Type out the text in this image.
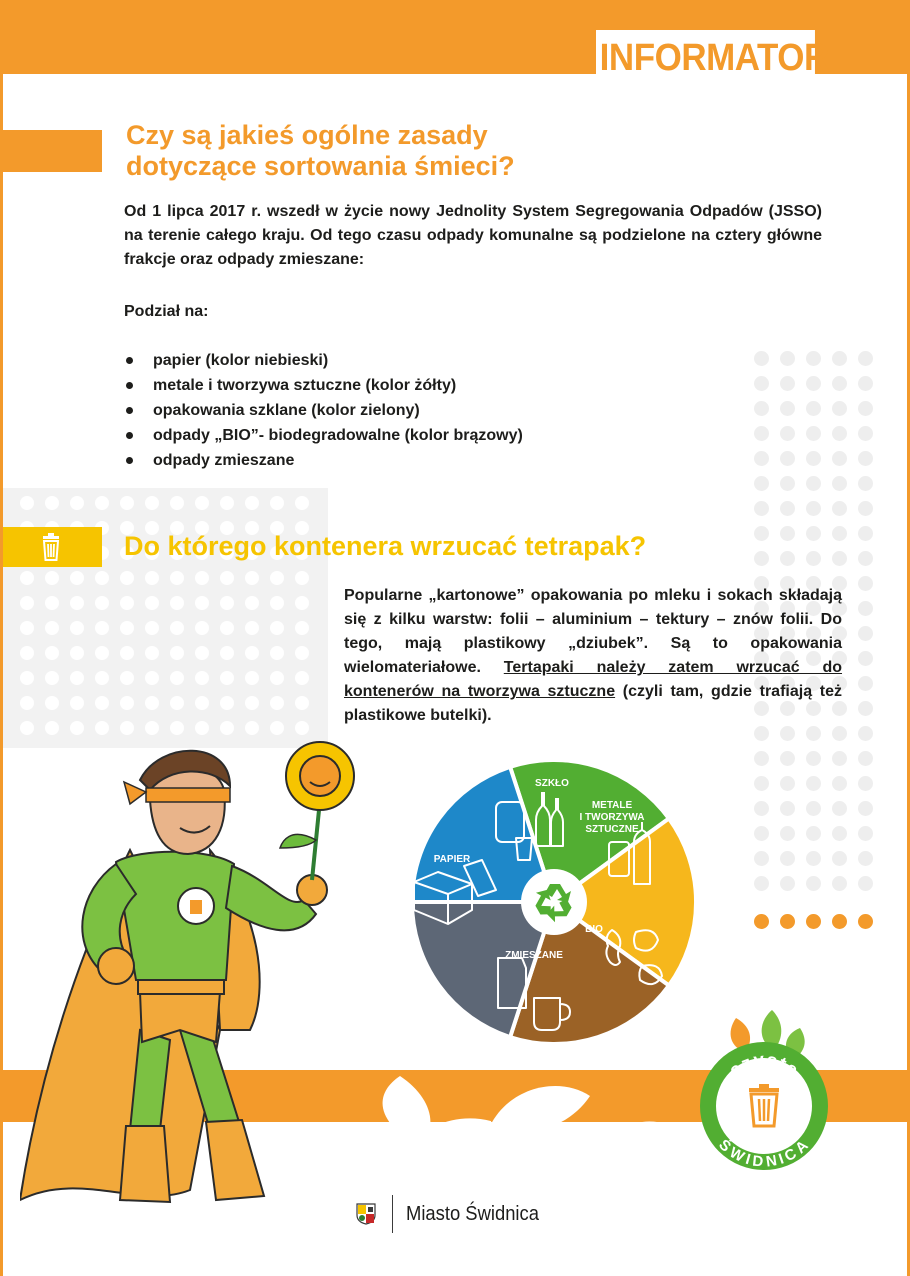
INFORMATOR
Czy są jakieś ogólne zasady
dotyczące sortowania śmieci?

Od 1 lipca 2017 r. wszedł w życie nowy Jednolity System Segregowania Odpadów (JSSO) na terenie całego kraju. Od tego czasu odpady komunalne są podzielone na cztery główne frakcje oraz odpady zmieszane:

Podział na:

papier (kolor niebieski)
metale i tworzywa sztuczne (kolor żółty)
opakowania szklane (kolor zielony)
odpady „BIO”- biodegradowalne (kolor brązowy)
odpady zmieszane
Do którego kontenera wrzucać tetrapak?

Popularne „kartonowe” opakowania po mleku i sokach składają się z kilku warstw: folii – aluminium – tektury – znów folii. Do tego, mają plastikowy „dziubek”. Są to opakowania wielomateriałowe. Tertapaki należy zatem wrzucać do kontenerów na tworzywa sztuczne (czyli tam, gdzie trafiają też plastikowe butelki).

SZKŁO
METALE
I TWORZYWA
SZTUCZNE
BIO
ZMIESZANE
PAPIER
czysta
ŚWIDNICA
Miasto Świdnica
